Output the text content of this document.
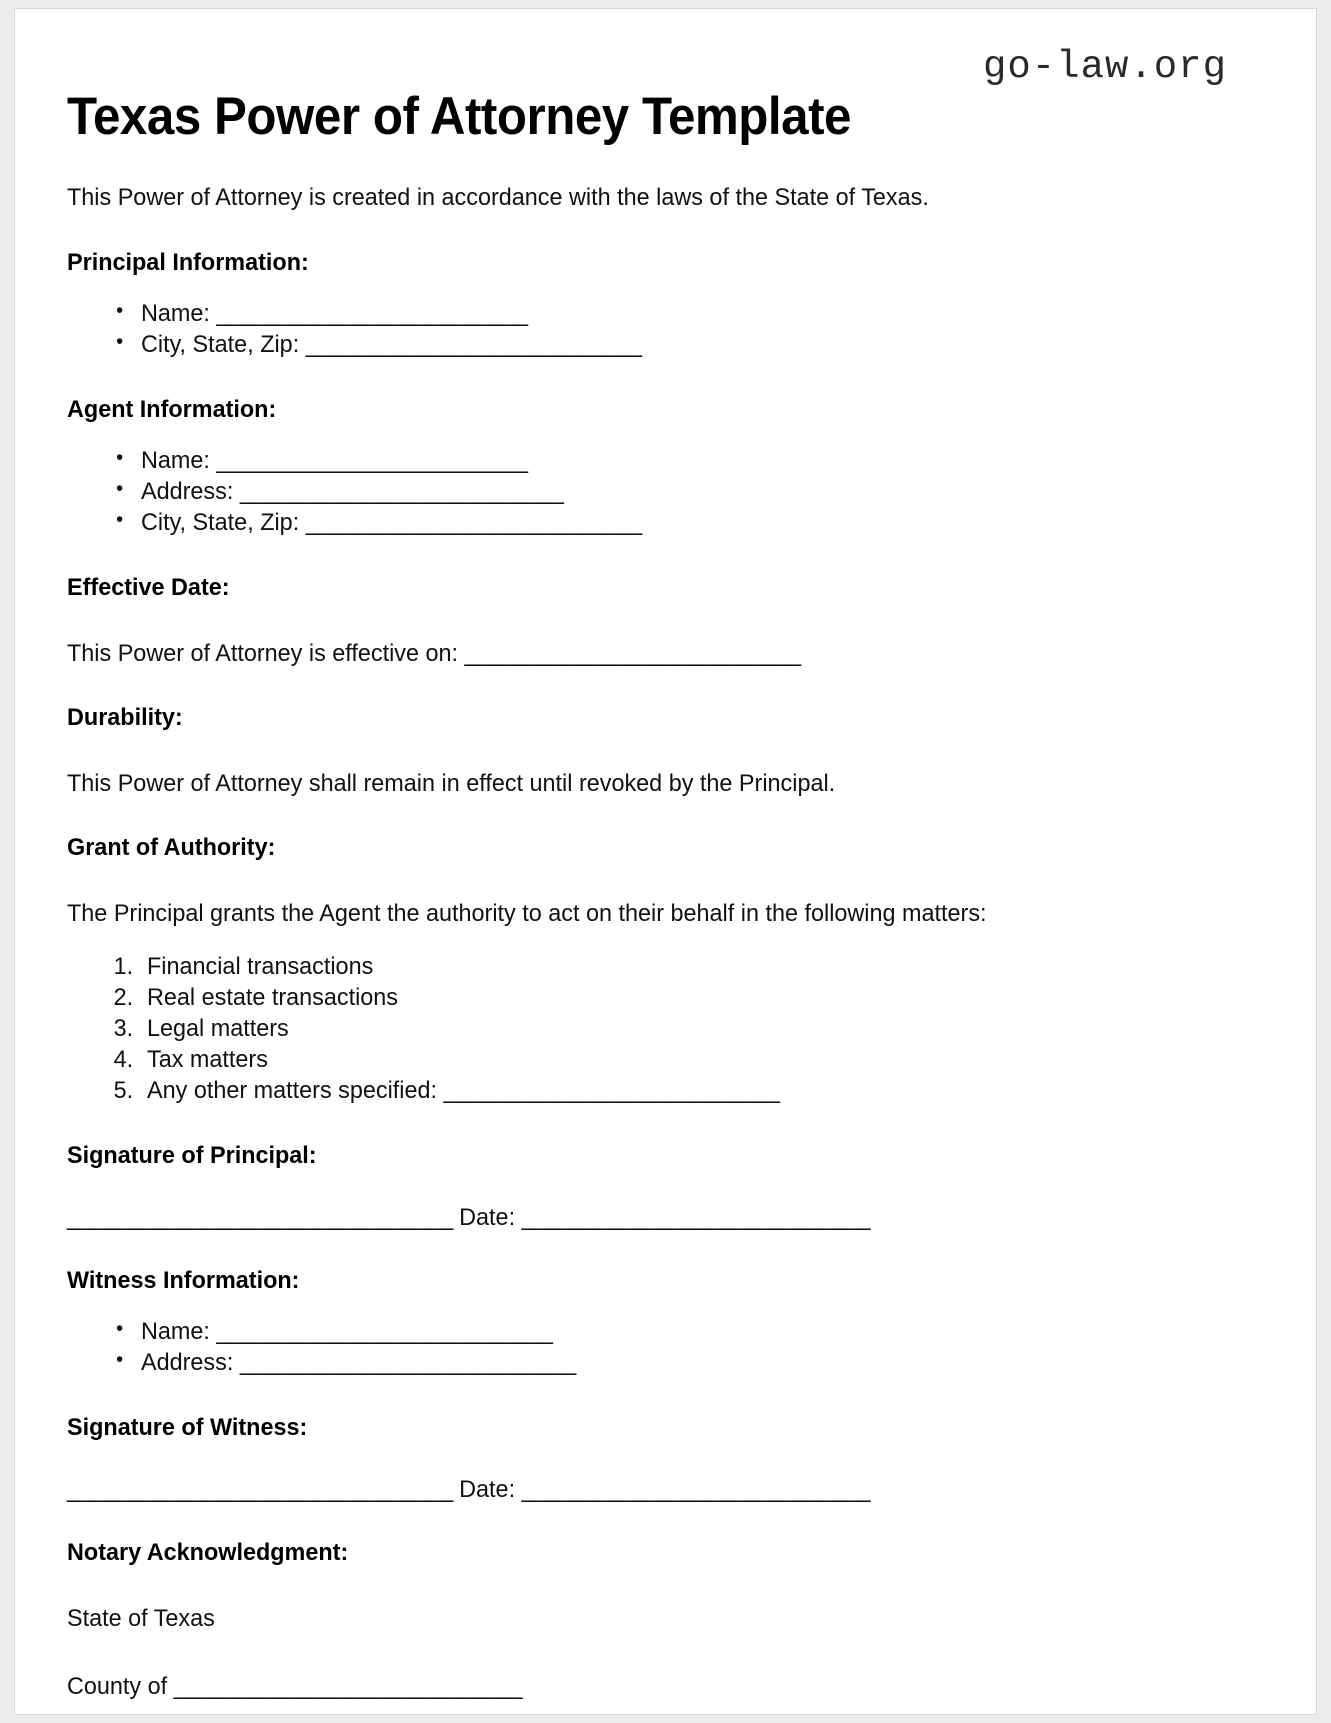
go-law.org
Texas Power of Attorney Template

This Power of Attorney is created in accordance with the laws of the State of Texas.

Principal Information:
• Name: _________________________
• City, State, Zip: ___________________________
Agent Information:
• Name: _________________________
• Address: __________________________
• City, State, Zip: ___________________________
Effective Date:

This Power of Attorney is effective on: ___________________________

Durability:

This Power of Attorney shall remain in effect until revoked by the Principal.

Grant of Authority:

The Principal grants the Agent the authority to act on their behalf in the following matters:

Financial transactions
Real estate transactions
Legal matters
Tax matters
Any other matters specified: ___________________________
Signature of Principal:
_______________________________ Date: ____________________________
Witness Information:
• Name: ___________________________
• Address: ___________________________
Signature of Witness:
_______________________________ Date: ____________________________
Notary Acknowledgment:

State of Texas

County of ____________________________
